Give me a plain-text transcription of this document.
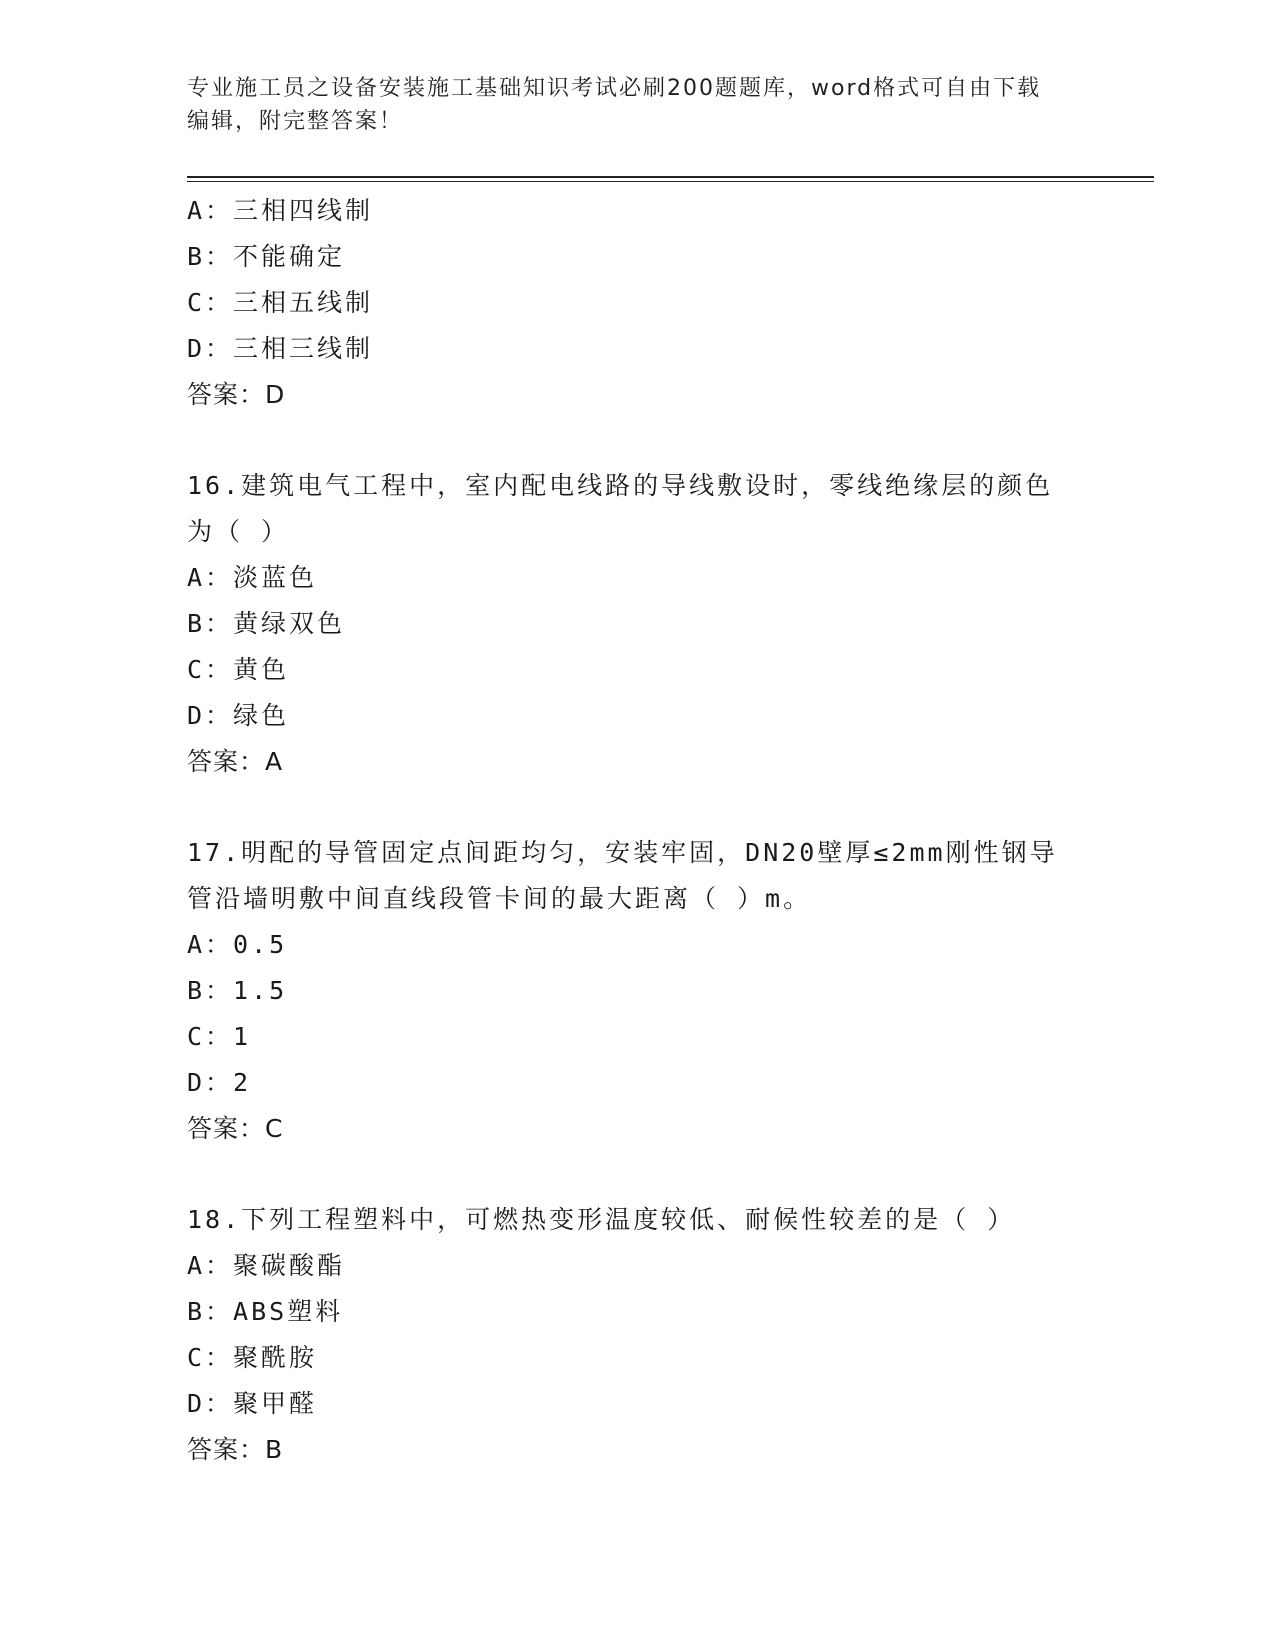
专业施工员之设备安装施工基础知识考试必刷200题题库，word格式可自由下载
编辑，附完整答案！
A：三相四线制
B：不能确定
C：三相五线制
D：三相三线制
答案：D
16.建筑电气工程中，室内配电线路的导线敷设时，零线绝缘层的颜色
为（ ）
A：淡蓝色
B：黄绿双色
C：黄色
D：绿色
答案：A
17.明配的导管固定点间距均匀，安装牢固，DN20壁厚≤2mm刚性钢导
管沿墙明敷中间直线段管卡间的最大距离（ ）m。
A：0.5
B：1.5
C：1
D：2
答案：C
18.下列工程塑料中，可燃热变形温度较低、耐候性较差的是（ ）
A：聚碳酸酯
B：ABS塑料
C：聚酰胺
D：聚甲醛
答案：B
